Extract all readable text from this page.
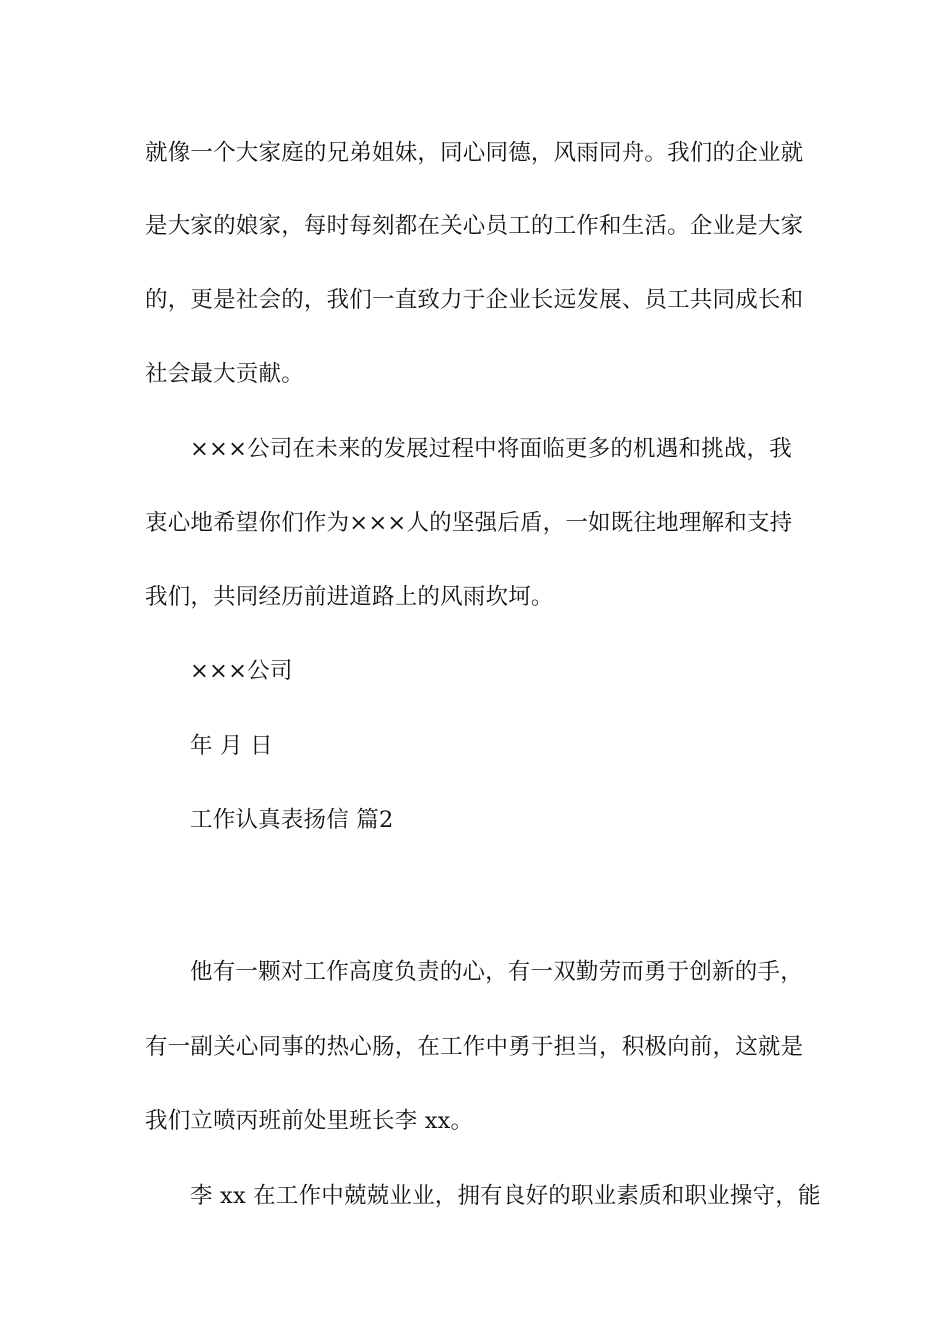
就像一个大家庭的兄弟姐妹，同心同德，风雨同舟。我们的企业就
是大家的娘家，每时每刻都在关心员工的工作和生活。企业是大家
的，更是社会的，我们一直致力于企业长远发展、员工共同成长和
社会最大贡献。
×××公司在未来的发展过程中将面临更多的机遇和挑战，我
衷心地希望你们作为×××人的坚强后盾，一如既往地理解和支持
我们，共同经历前进道路上的风雨坎坷。
×××公司
年 月 日
工作认真表扬信 篇2
他有一颗对工作高度负责的心，有一双勤劳而勇于创新的手，
有一副关心同事的热心肠，在工作中勇于担当，积极向前，这就是
我们立喷丙班前处里班长李 xx。
李 xx 在工作中兢兢业业，拥有良好的职业素质和职业操守，能
